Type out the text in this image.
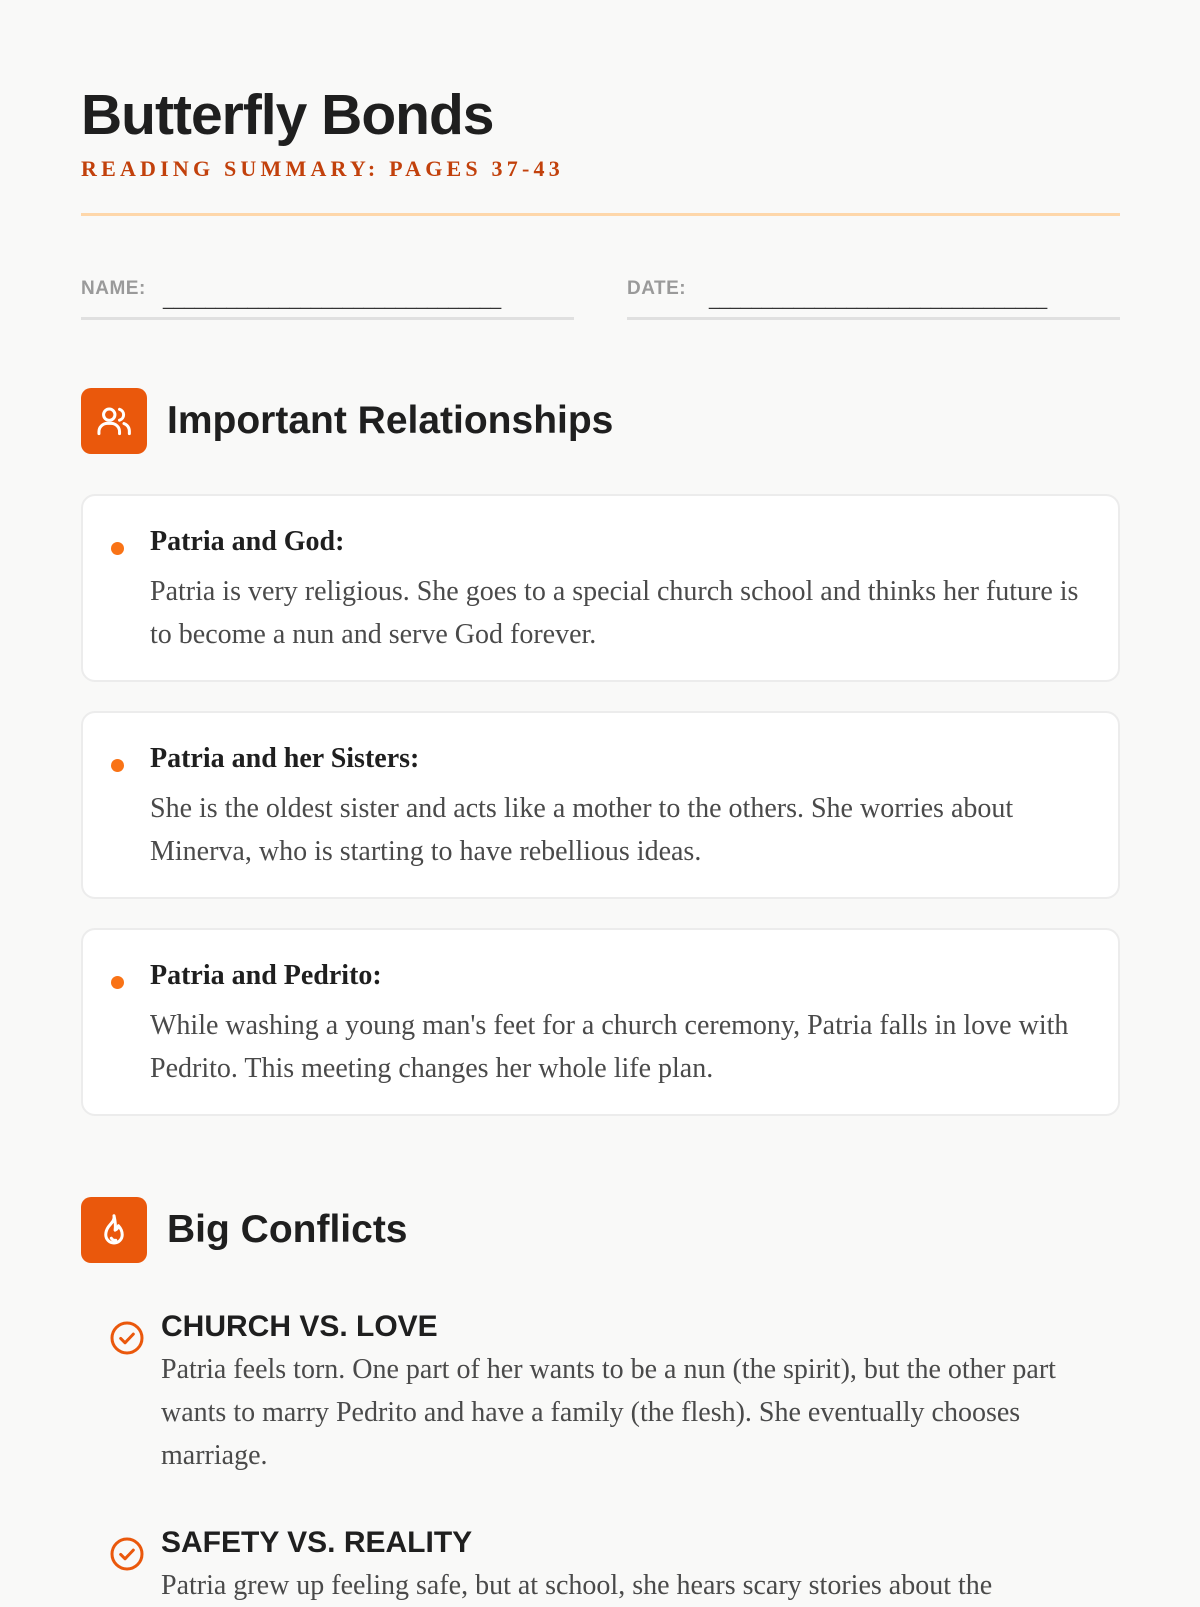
Butterfly Bonds
READING SUMMARY: PAGES 37-43
NAME:
________________________________
DATE:
________________________________
Important Relationships
Patria and God:
Patria is very religious. She goes to a special church school and thinks her future is to become a nun and serve God forever.
Patria and her Sisters:
She is the oldest sister and acts like a mother to the others. She worries about Minerva, who is starting to have rebellious ideas.
Patria and Pedrito:
While washing a young man's feet for a church ceremony, Patria falls in love with Pedrito. This meeting changes her whole life plan.
Big Conflicts
CHURCH VS. LOVE
Patria feels torn. One part of her wants to be a nun (the spirit), but the other part wants to marry Pedrito and have a family (the flesh). She eventually chooses marriage.
SAFETY VS. REALITY
Patria grew up feeling safe, but at school, she hears scary stories about the
